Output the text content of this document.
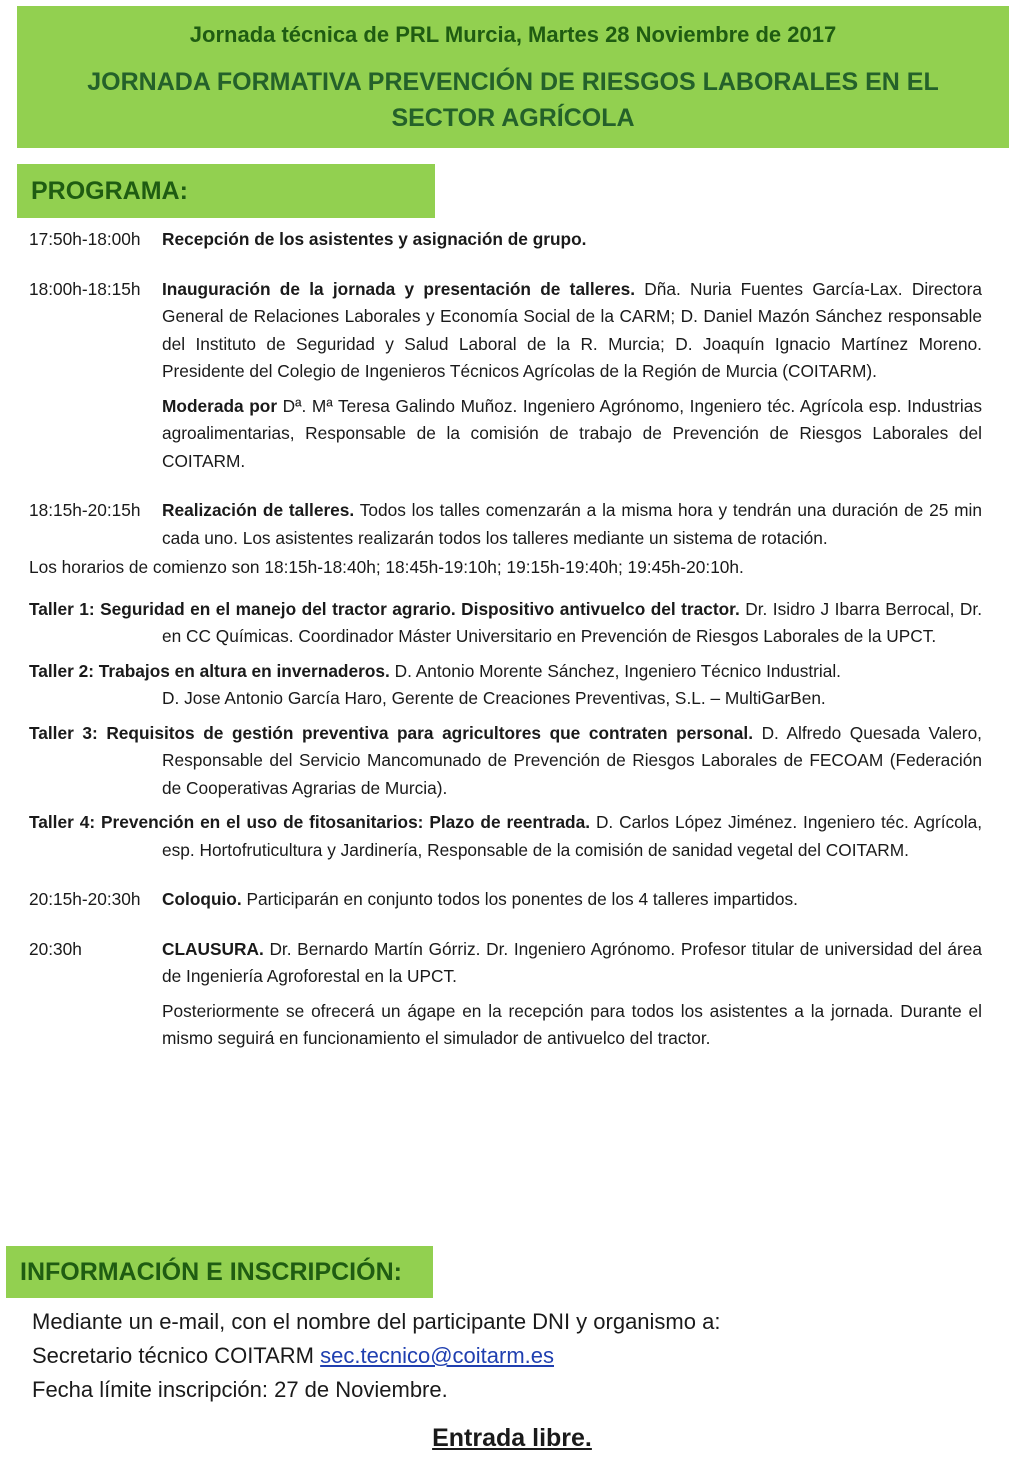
Jornada técnica de PRL Murcia, Martes 28 Noviembre de 2017
JORNADA FORMATIVA PREVENCIÓN DE RIESGOS LABORALES EN EL SECTOR AGRÍCOLA
PROGRAMA:
17:50h-18:00h	Recepción de los asistentes y asignación de grupo.
18:00h-18:15h	Inauguración de la jornada y presentación de talleres. Dña. Nuria Fuentes García-Lax. Directora General de Relaciones Laborales y Economía Social de la CARM; D. Daniel Mazón Sánchez responsable del Instituto de Seguridad y Salud Laboral de la R. Murcia; D. Joaquín Ignacio Martínez Moreno. Presidente del Colegio de Ingenieros Técnicos Agrícolas de la Región de Murcia (COITARM).
Moderada por Dª. Mª Teresa Galindo Muñoz. Ingeniero Agrónomo, Ingeniero téc. Agrícola esp. Industrias agroalimentarias, Responsable de la comisión de trabajo de Prevención de Riesgos Laborales del COITARM.
18:15h-20:15h	Realización de talleres. Todos los talles comenzarán a la misma hora y tendrán una duración de 25 min cada uno. Los asistentes realizarán todos los talleres mediante un sistema de rotación.
Los horarios de comienzo son 18:15h-18:40h; 18:45h-19:10h; 19:15h-19:40h; 19:45h-20:10h.
Taller 1: Seguridad en el manejo del tractor agrario. Dispositivo antivuelco del tractor. Dr. Isidro J Ibarra Berrocal, Dr. en CC Químicas. Coordinador Máster Universitario en Prevención de Riesgos Laborales de la UPCT.
Taller 2: Trabajos en altura en invernaderos. D. Antonio Morente Sánchez, Ingeniero Técnico Industrial.
D. Jose Antonio García Haro, Gerente de Creaciones Preventivas, S.L. – MultiGarBen.
Taller 3: Requisitos de gestión preventiva para agricultores que contraten personal. D. Alfredo Quesada Valero, Responsable del Servicio Mancomunado de Prevención de Riesgos Laborales de FECOAM (Federación de Cooperativas Agrarias de Murcia).
Taller 4: Prevención en el uso de fitosanitarios: Plazo de reentrada. D. Carlos López Jiménez. Ingeniero téc. Agrícola, esp. Hortofruticultura y Jardinería, Responsable de la comisión de sanidad vegetal del COITARM.
20:15h-20:30h	Coloquio. Participarán en conjunto todos los ponentes de los 4 talleres impartidos.
20:30h	CLAUSURA. Dr. Bernardo Martín Górriz. Dr. Ingeniero Agrónomo. Profesor titular de universidad del área de Ingeniería Agroforestal en la UPCT.
Posteriormente se ofrecerá un ágape en la recepción para todos los asistentes a la jornada. Durante el mismo seguirá en funcionamiento el simulador de antivuelco del tractor.
INFORMACIÓN E INSCRIPCIÓN:
Mediante un e-mail, con el nombre del participante DNI y organismo a:
Secretario técnico COITARM sec.tecnico@coitarm.es
Fecha límite inscripción: 27 de Noviembre.
Entrada libre.
